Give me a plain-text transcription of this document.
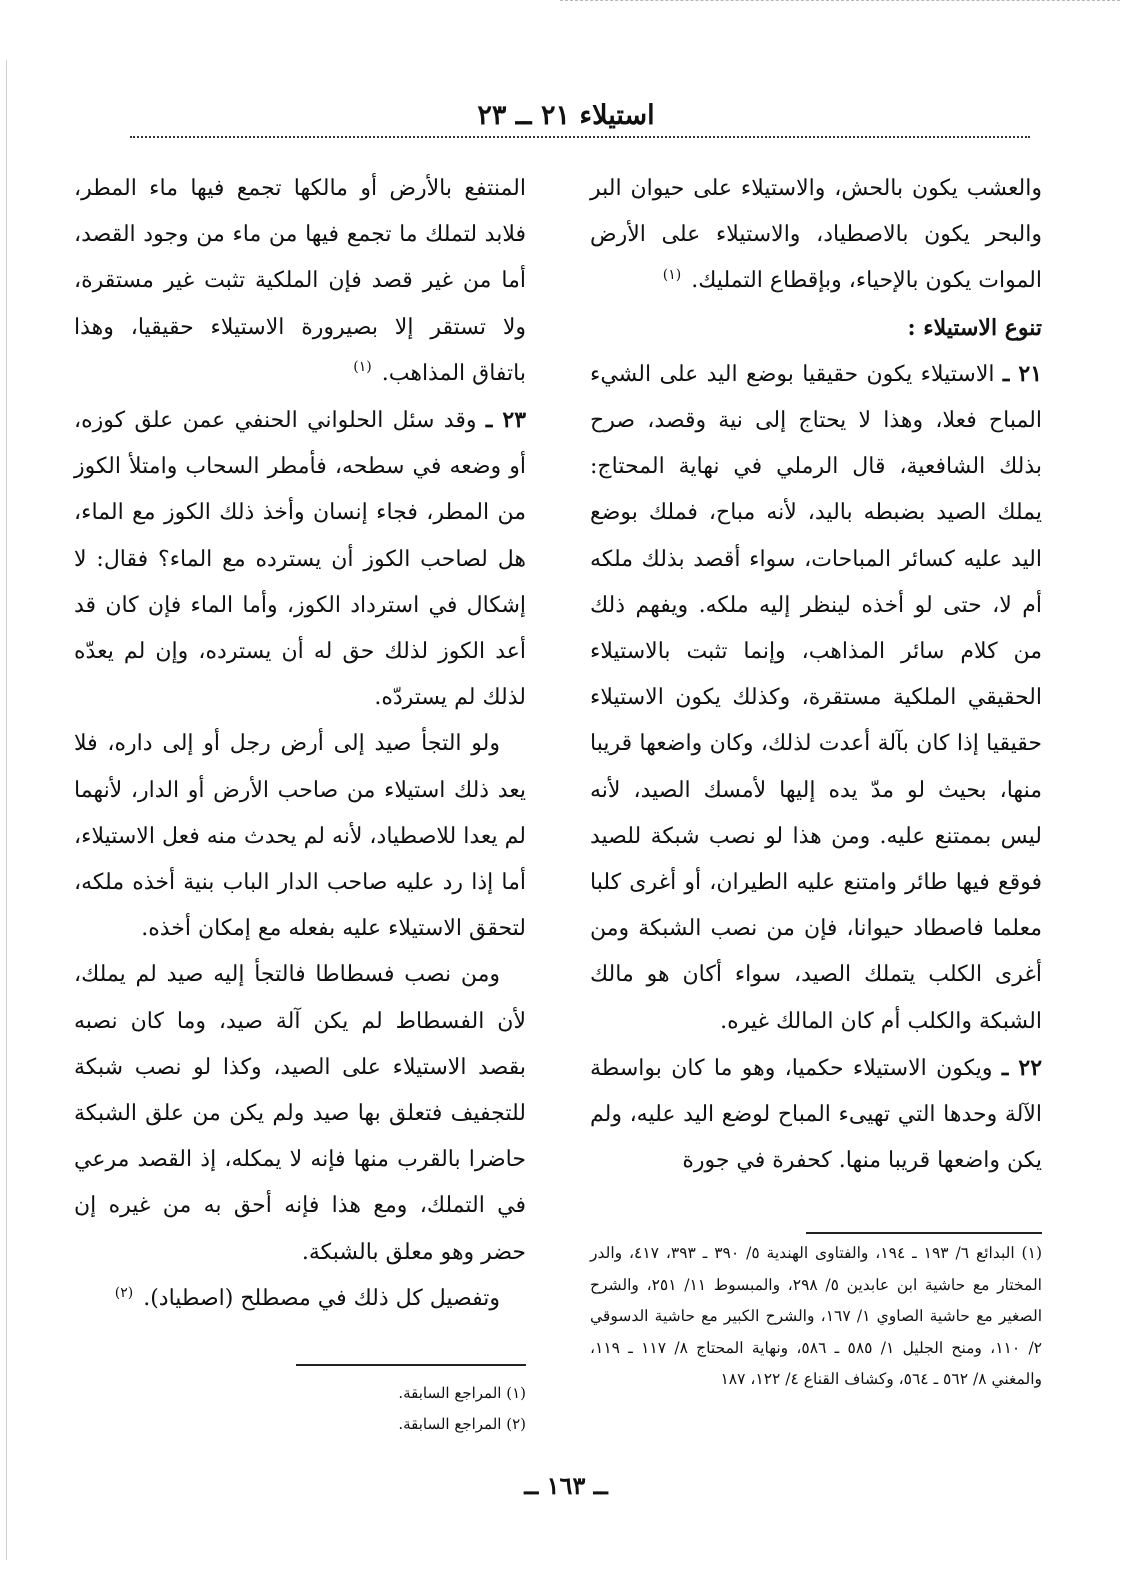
استيلاء ٢١ ــ ٢٣

والعشب يكون بالحش، والاستيلاء على حيوان البر والبحر يكون بالاصطياد، والاستيلاء على الأرض الموات يكون بالإحياء، وبإقطاع التمليك. $^{(١)}$

تنوع الاستيلاء :

٢١ ـ الاستيلاء يكون حقيقيا بوضع اليد على الشيء المباح فعلا، وهذا لا يحتاج إلى نية وقصد، صرح بذلك الشافعية، قال الرملي في نهاية المحتاج: يملك الصيد بضبطه باليد، لأنه مباح، فملك بوضع اليد عليه كسائر المباحات، سواء أقصد بذلك ملكه أم لا، حتى لو أخذه لينظر إليه ملكه. ويفهم ذلك من كلام سائر المذاهب، وإنما تثبت بالاستيلاء الحقيقي الملكية مستقرة، وكذلك يكون الاستيلاء حقيقيا إذا كان بآلة أعدت لذلك، وكان واضعها قريبا منها، بحيث لو مدّ يده إليها لأمسك الصيد، لأنه ليس بممتنع عليه. ومن هذا لو نصب شبكة للصيد فوقع فيها طائر وامتنع عليه الطيران، أو أغرى كلبا معلما فاصطاد حيوانا، فإن من نصب الشبكة ومن أغرى الكلب يتملك الصيد، سواء أكان هو مالك الشبكة والكلب أم كان المالك غيره.

٢٢ ـ ويكون الاستيلاء حكميا، وهو ما كان بواسطة الآلة وحدها التي تهيىء المباح لوضع اليد عليه، ولم يكن واضعها قريبا منها. كحفرة في جورة

المنتفع بالأرض أو مالكها تجمع فيها ماء المطر، فلابد لتملك ما تجمع فيها من ماء من وجود القصد، أما من غير قصد فإن الملكية تثبت غير مستقرة، ولا تستقر إلا بصيرورة الاستيلاء حقيقيا، وهذا باتفاق المذاهب. $^{(١)}$

٢٣ ـ وقد سئل الحلواني الحنفي عمن علق كوزه، أو وضعه في سطحه، فأمطر السحاب وامتلأ الكوز من المطر، فجاء إنسان وأخذ ذلك الكوز مع الماء، هل لصاحب الكوز أن يسترده مع الماء؟ فقال: لا إشكال في استرداد الكوز، وأما الماء فإن كان قد أعد الكوز لذلك حق له أن يسترده، وإن لم يعدّه لذلك لم يستردّه.

ولو التجأ صيد إلى أرض رجل أو إلى داره، فلا يعد ذلك استيلاء من صاحب الأرض أو الدار، لأنهما لم يعدا للاصطياد، لأنه لم يحدث منه فعل الاستيلاء، أما إذا رد عليه صاحب الدار الباب بنية أخذه ملكه، لتحقق الاستيلاء عليه بفعله مع إمكان أخذه.

ومن نصب فسطاطا فالتجأ إليه صيد لم يملك، لأن الفسطاط لم يكن آلة صيد، وما كان نصبه بقصد الاستيلاء على الصيد، وكذا لو نصب شبكة للتجفيف فتعلق بها صيد ولم يكن من علق الشبكة حاضرا بالقرب منها فإنه لا يمكله، إذ القصد مرعي في التملك، ومع هذا فإنه أحق به من غيره إن حضر وهو معلق بالشبكة.

وتفصيل كل ذلك في مصطلح (اصطياد). $^{(٢)}$

(١) البدائع ٦/ ١٩٣ ـ ١٩٤، والفتاوى الهندية ٥/ ٣٩٠ ـ ٣٩٣، ٤١٧، والدر المختار مع حاشية ابن عابدين ٥/ ٢٩٨، والمبسوط ١١/ ٢٥١، والشرح الصغير مع حاشية الصاوي ١/ ١٦٧، والشرح الكبير مع حاشية الدسوقي ٢/ ١١٠، ومنح الجليل ١/ ٥٨٥ ـ ٥٨٦، ونهاية المحتاج ٨/ ١١٧ ـ ١١٩، والمغني ٨/ ٥٦٢ ـ ٥٦٤، وكشاف القناع ٤/ ١٢٢، ١٨٧

(١) المراجع السابقة.

(٢) المراجع السابقة.

ــ ١٦٣ ــ
